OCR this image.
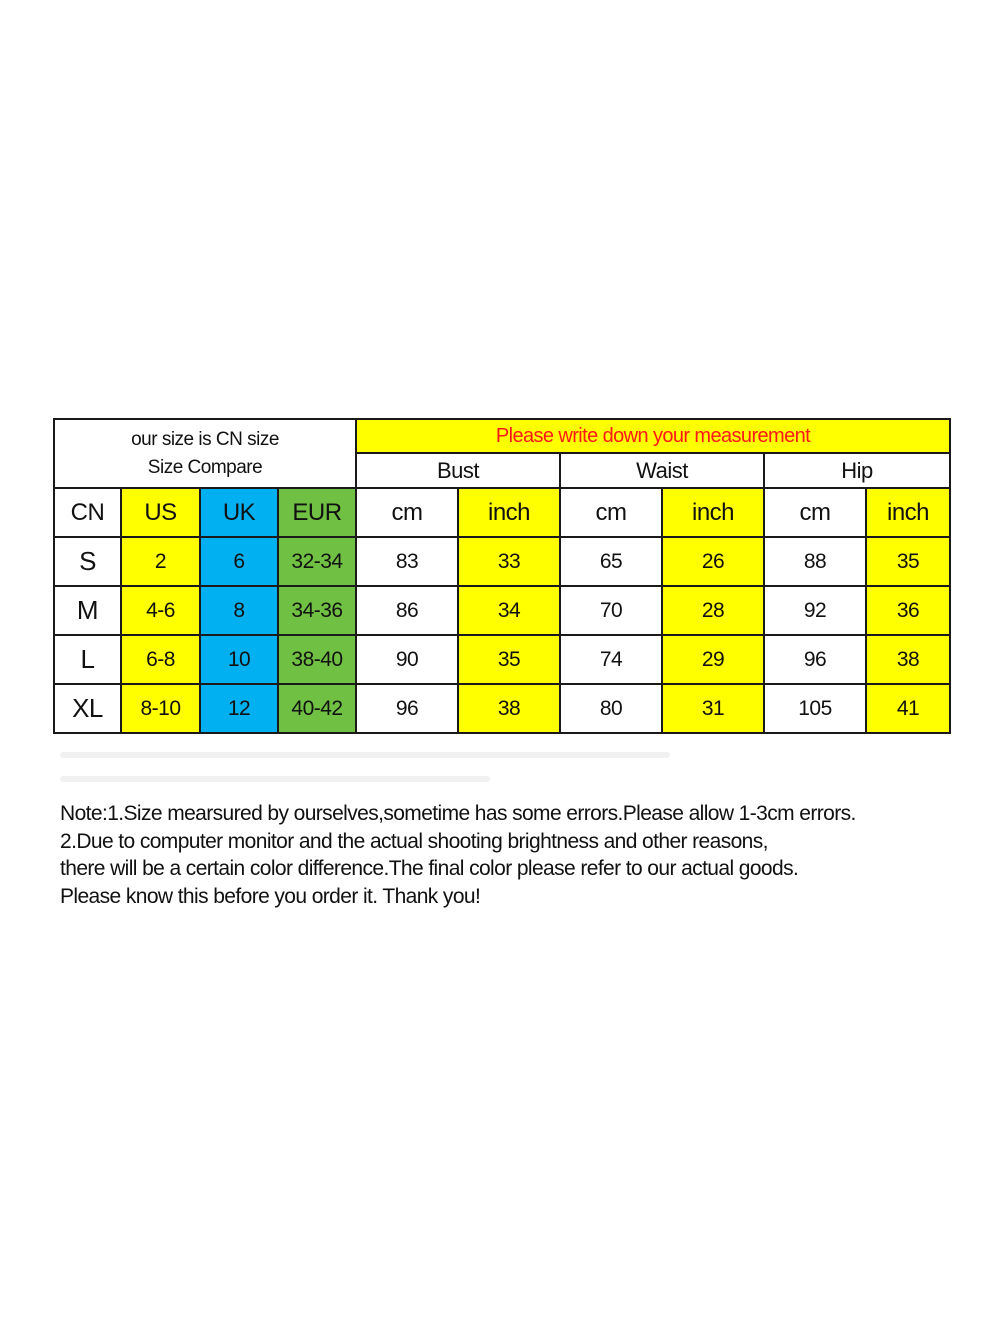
our size is CN size
Size Compare				Please write down your measurement					
				Bust		Waist		Hip	
CN	US	UK	EUR	cm	inch	cm	inch	cm	inch
S	2	6	32-34	83	33	65	26	88	35
M	4-6	8	34-36	86	34	70	28	92	36
L	6-8	10	38-40	90	35	74	29	96	38
XL	8-10	12	40-42	96	38	80	31	105	41

Note:1.Size mearsured by ourselves,sometime has some errors.Please allow 1-3cm errors.

2.Due to computer monitor and the actual shooting brightness and other reasons,

there will be a certain color difference.The final color please refer to our actual goods.

Please know this before you order it. Thank you!
